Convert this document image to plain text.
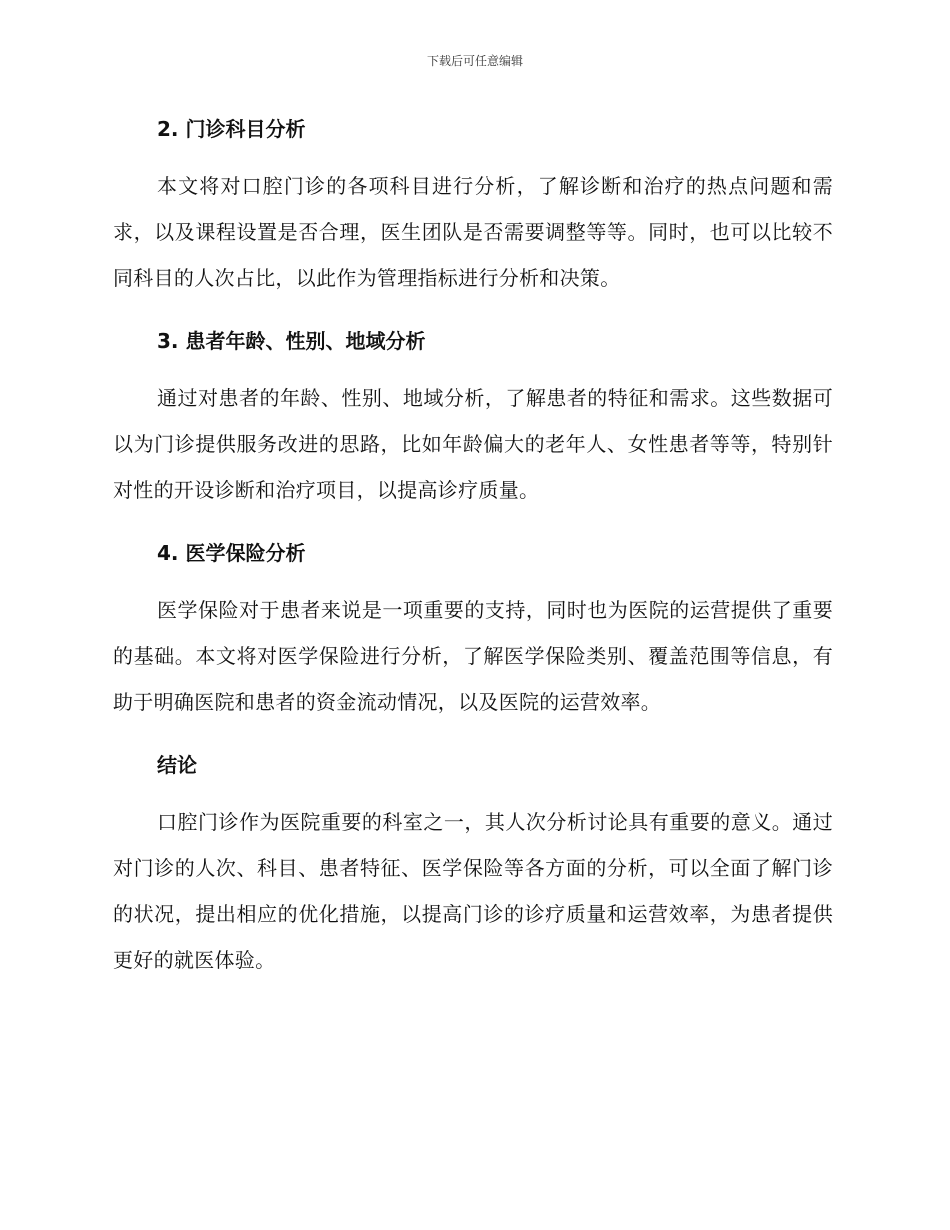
下载后可任意编辑
2. 门诊科目分析
本文将对口腔门诊的各项科目进行分析，了解诊断和治疗的热点问题和需求，以及课程设置是否合理，医生团队是否需要调整等等。同时，也可以比较不同科目的人次占比，以此作为管理指标进行分析和决策。
3. 患者年龄、性别、地域分析
通过对患者的年龄、性别、地域分析，了解患者的特征和需求。这些数据可以为门诊提供服务改进的思路，比如年龄偏大的老年人、女性患者等等，特别针对性的开设诊断和治疗项目，以提高诊疗质量。
4. 医学保险分析
医学保险对于患者来说是一项重要的支持，同时也为医院的运营提供了重要的基础。本文将对医学保险进行分析，了解医学保险类别、覆盖范围等信息，有助于明确医院和患者的资金流动情况，以及医院的运营效率。
结论
口腔门诊作为医院重要的科室之一，其人次分析讨论具有重要的意义。通过对门诊的人次、科目、患者特征、医学保险等各方面的分析，可以全面了解门诊的状况，提出相应的优化措施，以提高门诊的诊疗质量和运营效率，为患者提供更好的就医体验。
